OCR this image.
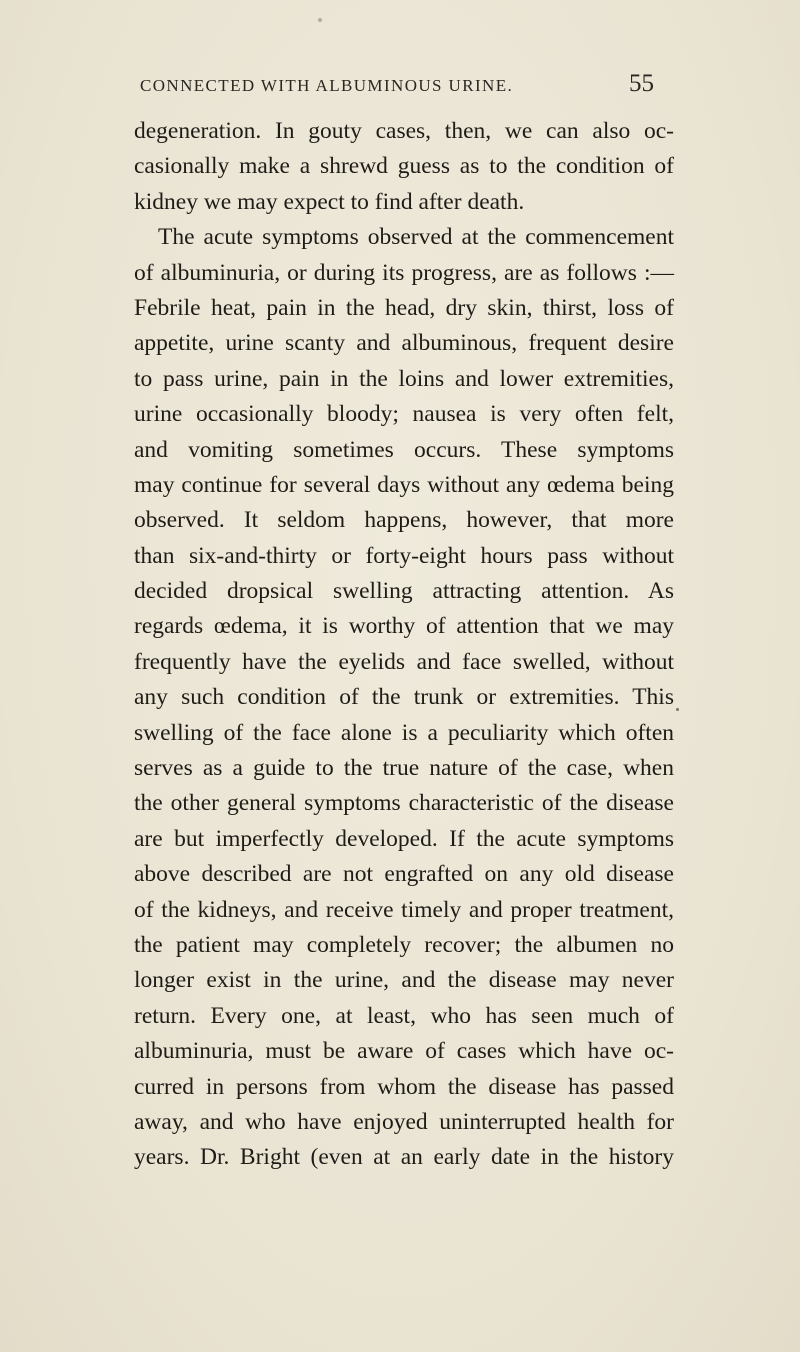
CONNECTED WITH ALBUMINOUS URINE.	55
degeneration. In gouty cases, then, we can also oc-
casionally make a shrewd guess as to the condition of
kidney we may expect to find after death.
The acute symptoms observed at the commencement
of albuminuria, or during its progress, are as follows :—
Febrile heat, pain in the head, dry skin, thirst, loss of
appetite, urine scanty and albuminous, frequent desire
to pass urine, pain in the loins and lower extremities,
urine occasionally bloody; nausea is very often felt,
and vomiting sometimes occurs. These symptoms
may continue for several days without any œdema being
observed. It seldom happens, however, that more
than six-and-thirty or forty-eight hours pass without
decided dropsical swelling attracting attention. As
regards œdema, it is worthy of attention that we may
frequently have the eyelids and face swelled, without
any such condition of the trunk or extremities. This
swelling of the face alone is a peculiarity which often
serves as a guide to the true nature of the case, when
the other general symptoms characteristic of the disease
are but imperfectly developed. If the acute symptoms
above described are not engrafted on any old disease
of the kidneys, and receive timely and proper treatment,
the patient may completely recover; the albumen no
longer exist in the urine, and the disease may never
return. Every one, at least, who has seen much of
albuminuria, must be aware of cases which have oc-
curred in persons from whom the disease has passed
away, and who have enjoyed uninterrupted health for
years. Dr. Bright (even at an early date in the history
